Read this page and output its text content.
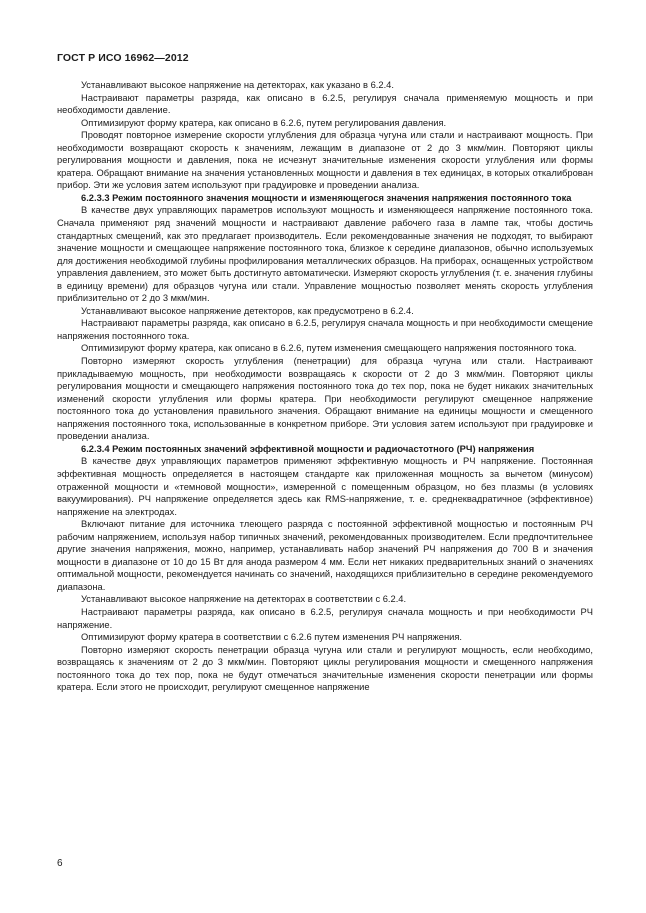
ГОСТ Р ИСО 16962—2012

Устанавливают высокое напряжение на детекторах, как указано в 6.2.4.

Настраивают параметры разряда, как описано в 6.2.5, регулируя сначала применяемую мощность и при необходимости давление.

Оптимизируют форму кратера, как описано в 6.2.6, путем регулирования давления.

Проводят повторное измерение скорости углубления для образца чугуна или стали и настраивают мощность. При необходимости возвращают скорость к значениям, лежащим в диапазоне от 2 до 3 мкм/мин. Повторяют циклы регулирования мощности и давления, пока не исчезнут значительные изменения скорости углубления или формы кратера. Обращают внимание на значения установленных мощности и давления в тех единицах, в которых откалиброван прибор. Эти же условия затем используют при градуировке и проведении анализа.

6.2.3.3 Режим постоянного значения мощности и изменяющегося значения напряжения постоянного тока

В качестве двух управляющих параметров используют мощность и изменяющееся напряжение постоянного тока. Сначала применяют ряд значений мощности и настраивают давление рабочего газа в лампе так, чтобы достичь стандартных смещений, как это предлагает производитель. Если рекомендованные значения не подходят, то выбирают значение мощности и смещающее напряжение постоянного тока, близкое к середине диапазонов, обычно используемых для достижения необходимой глубины профилирования металлических образцов. На приборах, оснащенных устройством управления давлением, это может быть достигнуто автоматически. Измеряют скорость углубления (т. е. значения глубины в единицу времени) для образцов чугуна или стали. Управление мощностью позволяет менять скорость углубления приблизительно от 2 до 3 мкм/мин.

Устанавливают высокое напряжение детекторов, как предусмотрено в 6.2.4.

Настраивают параметры разряда, как описано в 6.2.5, регулируя сначала мощность и при необходимости смещение напряжения постоянного тока.

Оптимизируют форму кратера, как описано в 6.2.6, путем изменения смещающего напряжения постоянного тока.

Повторно измеряют скорость углубления (пенетрации) для образца чугуна или стали. Настраивают прикладываемую мощность, при необходимости возвращаясь к скорости от 2 до 3 мкм/мин. Повторяют циклы регулирования мощности и смещающего напряжения постоянного тока до тех пор, пока не будет никаких значительных изменений скорости углубления или формы кратера. При необходимости регулируют смещенное напряжение постоянного тока до установления правильного значения. Обращают внимание на единицы мощности и смещенного напряжения постоянного тока, использованные в конкретном приборе. Эти условия затем используют при градуировке и проведении анализа.

6.2.3.4 Режим постоянных значений эффективной мощности и радиочастотного (РЧ) напряжения

В качестве двух управляющих параметров применяют эффективную мощность и РЧ напряжение. Постоянная эффективная мощность определяется в настоящем стандарте как приложенная мощность за вычетом (минусом) отраженной мощности и «темновой мощности», измеренной с помещенным образцом, но без плазмы (в условиях вакуумирования). РЧ напряжение определяется здесь как RMS-напряжение, т. е. среднеквадратичное (эффективное) напряжение на электродах.

Включают питание для источника тлеющего разряда с постоянной эффективной мощностью и постоянным РЧ рабочим напряжением, используя набор типичных значений, рекомендованных производителем. Если предпочтительнее другие значения напряжения, можно, например, устанавливать набор значений РЧ напряжения до 700 В и значения мощности в диапазоне от 10 до 15 Вт для анода размером 4 мм. Если нет никаких предварительных знаний о значениях оптимальной мощности, рекомендуется начинать со значений, находящихся приблизительно в середине рекомендуемого диапазона.

Устанавливают высокое напряжение на детекторах в соответствии с 6.2.4.

Настраивают параметры разряда, как описано в 6.2.5, регулируя сначала мощность и при необходимости РЧ напряжение.

Оптимизируют форму кратера в соответствии с 6.2.6 путем изменения РЧ напряжения.

Повторно измеряют скорость пенетрации образца чугуна или стали и регулируют мощность, если необходимо, возвращаясь к значениям от 2 до 3 мкм/мин. Повторяют циклы регулирования мощности и смещенного напряжения постоянного тока до тех пор, пока не будут отмечаться значительные изменения скорости пенетрации или формы кратера. Если этого не происходит, регулируют смещенное напряжение

6
